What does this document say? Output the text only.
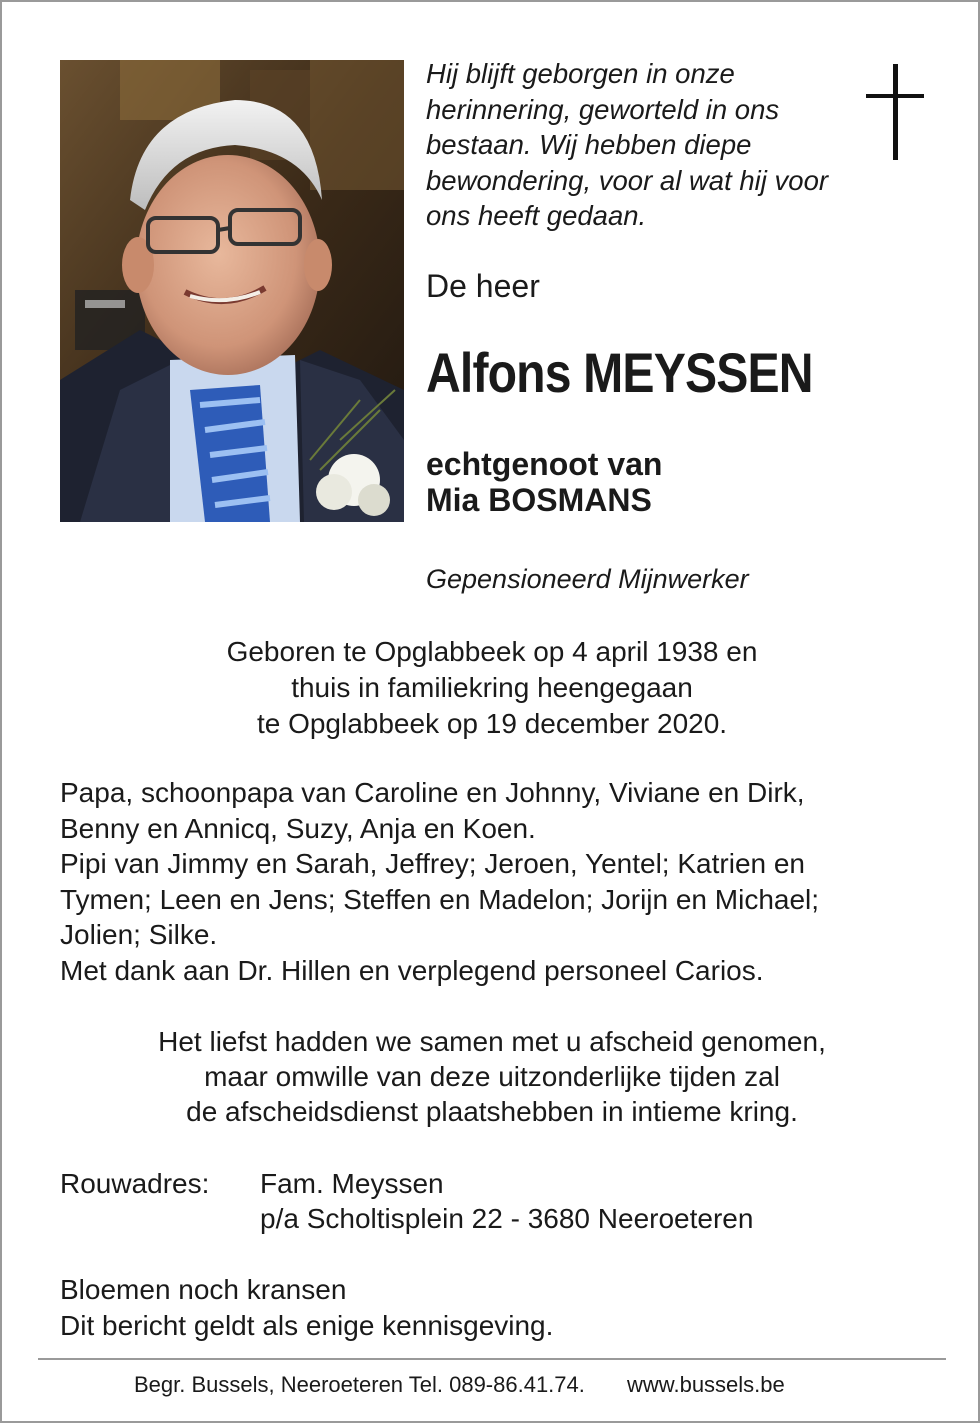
Hij blijft geborgen in onze
herinnering, geworteld in ons
bestaan. Wij hebben diepe
bewondering, voor al wat hij voor
ons heeft gedaan.
De heer
Alfons MEYSSEN
echtgenoot van
Mia BOSMANS
Gepensioneerd Mijnwerker
Geboren te Opglabbeek op 4 april 1938 en
thuis in familiekring heengegaan
te Opglabbeek op 19 december 2020.
Papa, schoonpapa van Caroline en Johnny, Viviane en Dirk,
Benny en Annicq, Suzy, Anja en Koen.
Pipi van Jimmy en Sarah, Jeffrey; Jeroen, Yentel; Katrien en
Tymen; Leen en Jens; Steffen en Madelon; Jorijn en Michael;
Jolien; Silke.
Met dank aan Dr. Hillen en verplegend personeel Carios.
Het liefst hadden we samen met u afscheid genomen,
maar omwille van deze uitzonderlijke tijden zal
de afscheidsdienst plaatshebben in intieme kring.
Rouwadres: Fam. Meyssen
p/a Scholtisplein 22 - 3680 Neeroeteren
Bloemen noch kransen
Dit bericht geldt als enige kennisgeving.
Begr. Bussels, Neeroeteren Tel. 089-86.41.74. www.bussels.be
